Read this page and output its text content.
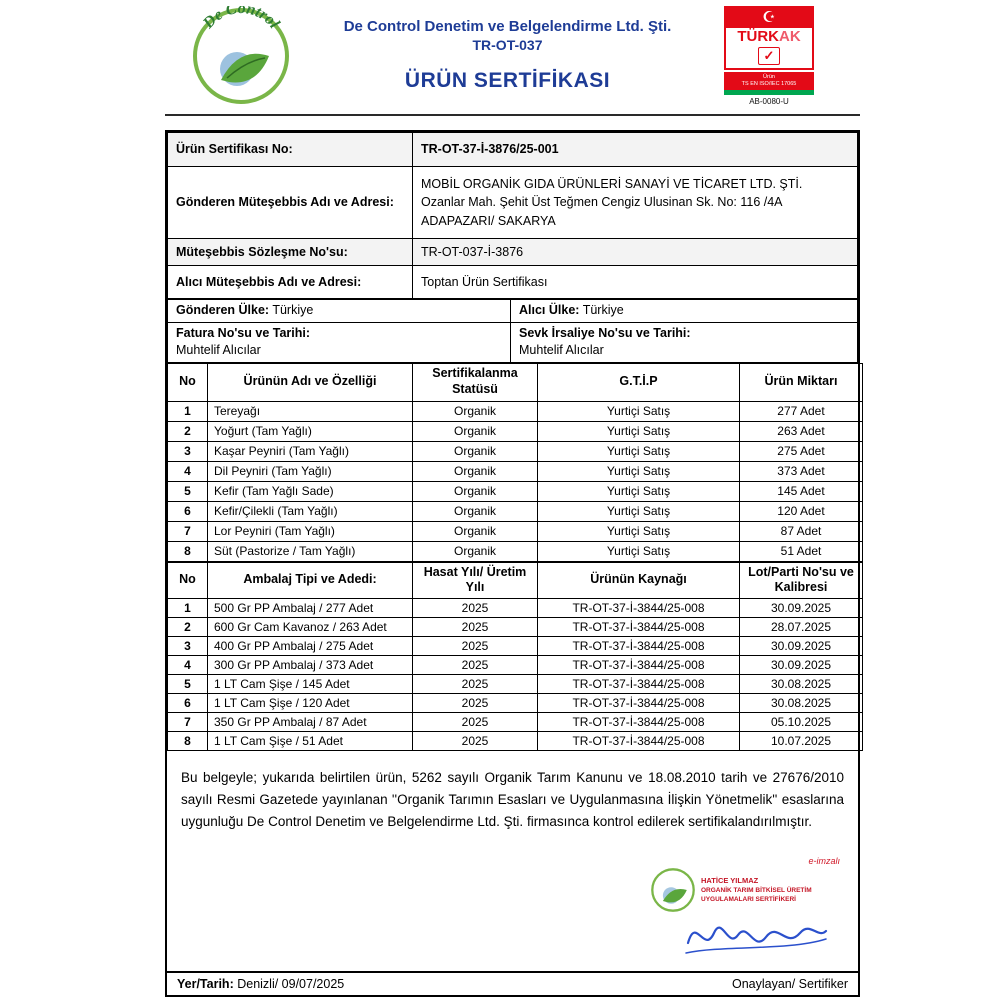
De Control	De Control Denetim ve Belgelendirme Ltd. Şti.
TR-OT-037
ÜRÜN SERTİFİKASI
☪
TÜRKAK
✓
Ürün
TS EN ISO/IEC 17065
AB-0080-U
Ürün Sertifikası No:	TR-OT-37-İ-3876/25-001
Gönderen Müteşebbis Adı ve Adresi:	MOBİL ORGANİK GIDA ÜRÜNLERİ SANAYİ VE TİCARET LTD. ŞTİ.
Ozanlar Mah. Şehit Üst Teğmen Cengiz Ulusinan Sk. No: 116 /4A
ADAPAZARI/ SAKARYA

Müteşebbis Sözleşme No'su:	TR-OT-037-İ-3876
Alıcı Müteşebbis Adı ve Adresi:	Toptan Ürün Sertifikası
Gönderen Ülke: Türkiye	Alıcı Ülke: Türkiye

Fatura No'su ve Tarihi:
Muhtelif Alıcılar

Sevk İrsaliye No'su ve Tarihi:
Muhtelif Alıcılar
No	Ürünün Adı ve Özelliği	Sertifikalanma Statüsü	G.T.İ.P	Ürün Miktarı
1	Tereyağı	Organik	Yurtiçi Satış	277 Adet
2	Yoğurt (Tam Yağlı)	Organik	Yurtiçi Satış	263 Adet
3	Kaşar Peyniri (Tam Yağlı)	Organik	Yurtiçi Satış	275 Adet
4	Dil Peyniri (Tam Yağlı)	Organik	Yurtiçi Satış	373 Adet
5	Kefir (Tam Yağlı Sade)	Organik	Yurtiçi Satış	145 Adet
6	Kefir/Çilekli (Tam Yağlı)	Organik	Yurtiçi Satış	120 Adet
7	Lor Peyniri (Tam Yağlı)	Organik	Yurtiçi Satış	87 Adet
8	Süt (Pastorize / Tam Yağlı)	Organik	Yurtiçi Satış	51 Adet
No	Ambalaj Tipi ve Adedi:	Hasat Yılı/ Üretim Yılı	Ürünün Kaynağı	Lot/Parti No'su ve Kalibresi
1	500 Gr PP Ambalaj / 277 Adet	2025	TR-OT-37-İ-3844/25-008	30.09.2025
2	600 Gr Cam Kavanoz / 263 Adet	2025	TR-OT-37-İ-3844/25-008	28.07.2025
3	400 Gr PP Ambalaj / 275 Adet	2025	TR-OT-37-İ-3844/25-008	30.09.2025
4	300 Gr PP Ambalaj / 373 Adet	2025	TR-OT-37-İ-3844/25-008	30.09.2025
5	1 LT Cam Şişe / 145 Adet	2025	TR-OT-37-İ-3844/25-008	30.08.2025
6	1 LT Cam Şişe / 120 Adet	2025	TR-OT-37-İ-3844/25-008	30.08.2025
7	350 Gr PP Ambalaj / 87 Adet	2025	TR-OT-37-İ-3844/25-008	05.10.2025
8	1 LT Cam Şişe / 51 Adet	2025	TR-OT-37-İ-3844/25-008	10.07.2025

Bu belgeyle; yukarıda belirtilen ürün, 5262 sayılı Organik Tarım Kanunu ve 18.08.2010 tarih ve 27676/2010 sayılı Resmi Gazetede yayınlanan ''Organik Tarımın Esasları ve Uygulanmasına İlişkin Yönetmelik'' esaslarına uygunluğu De Control Denetim ve Belgelendirme Ltd. Şti. firmasınca kontrol edilerek sertifikalandırılmıştır.

e-imzalı
HATİCE YILMAZ
ORGANİK TARIM BİTKİSEL ÜRETİM
UYGULAMALARI SERTİFİKERİ
Yer/Tarih: Denizli/ 09/07/2025	Onaylayan/ Sertifiker
